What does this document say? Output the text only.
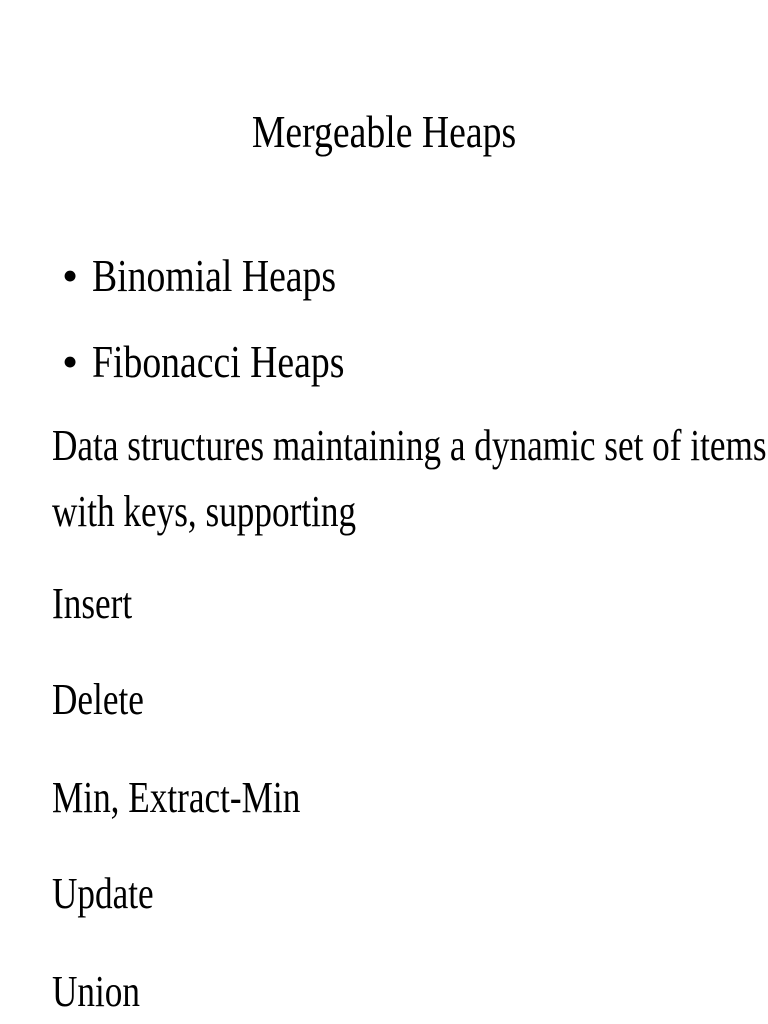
Mergeable Heaps
• Binomial Heaps
• Fibonacci Heaps
Data structures maintaining a dynamic set of items
with keys, supporting
Insert
Delete
Min, Extract-Min
Update
Union
